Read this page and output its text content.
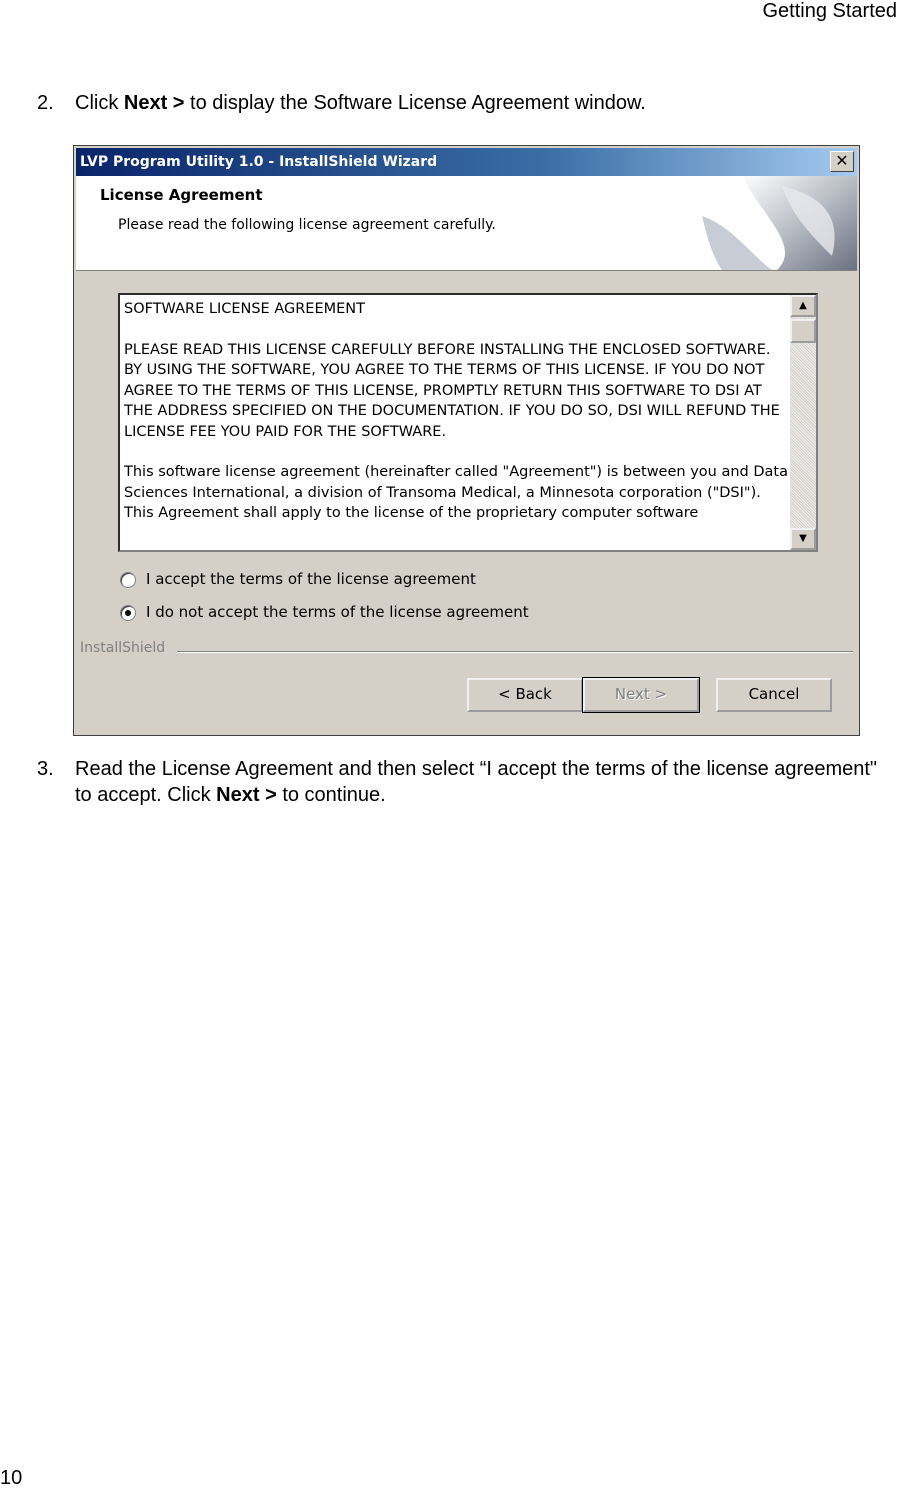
Getting Started
2. Click Next > to display the Software License Agreement window.
LVP Program Utility 1.0 - InstallShield Wizard	✕
License Agreement
Please read the following license agreement carefully.

SOFTWARE LICENSE AGREEMENT

PLEASE READ THIS LICENSE CAREFULLY BEFORE INSTALLING THE ENCLOSED SOFTWARE. BY USING THE SOFTWARE, YOU AGREE TO THE TERMS OF THIS LICENSE. IF YOU DO NOT AGREE TO THE TERMS OF THIS LICENSE, PROMPTLY RETURN THIS SOFTWARE TO DSI AT THE ADDRESS SPECIFIED ON THE DOCUMENTATION. IF YOU DO SO, DSI WILL REFUND THE LICENSE FEE YOU PAID FOR THE SOFTWARE.

This software license agreement (hereinafter called "Agreement") is between you and Data Sciences International, a division of Transoma Medical, a Minnesota corporation ("DSI"). This Agreement shall apply to the license of the proprietary computer software

▲
▼
I accept the terms of the license agreement
I do not accept the terms of the license agreement
InstallShield
< Back	Next >	Cancel
3. Read the License Agreement and then select “I accept the terms of the license agreement" to accept. Click Next > to continue.
10
